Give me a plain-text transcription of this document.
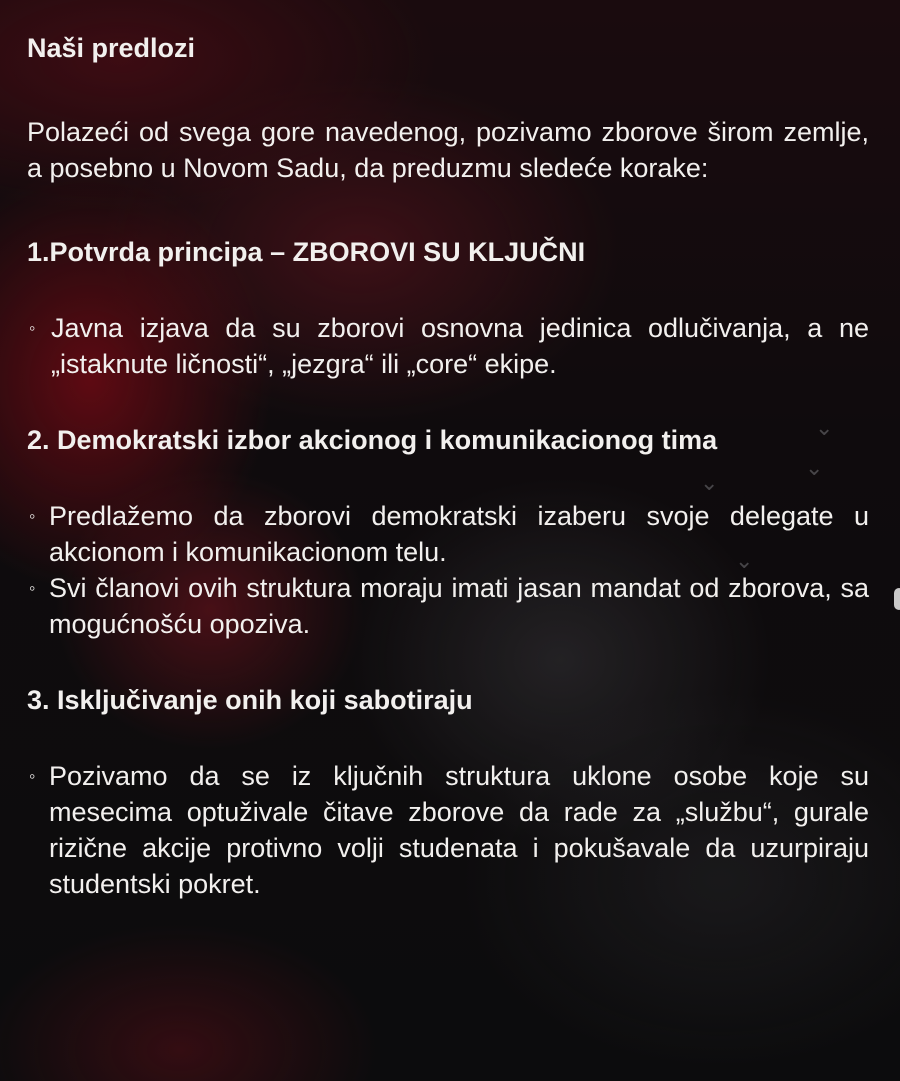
⌄
⌄
⌄
⌄
Naši predlozi

Polazeći od svega gore navedenog, pozivamo zborove širom zemlje, a posebno u Novom Sadu, da preduzmu sledeće korake:

1.Potvrda principa – ZBOROVI SU KLJUČNI
◦ Javna izjava da su zborovi osnovna jedinica odlučivanja, a ne „istaknute ličnosti“, „jezgra“ ili „core“ ekipe.
2. Demokratski izbor akcionog i komunikacionog tima
◦ Predlažemo da zborovi demokratski izaberu svoje delegate u akcionom i komunikacionom telu.
◦ Svi članovi ovih struktura moraju imati jasan mandat od zborova, sa mogućnošću opoziva.
3. Isključivanje onih koji sabotiraju
◦ Pozivamo da se iz ključnih struktura uklone osobe koje su mesecima optuživale čitave zborove da rade za „službu“, gurale rizične akcije protivno volji studenata i pokušavale da uzurpiraju studentski pokret.
